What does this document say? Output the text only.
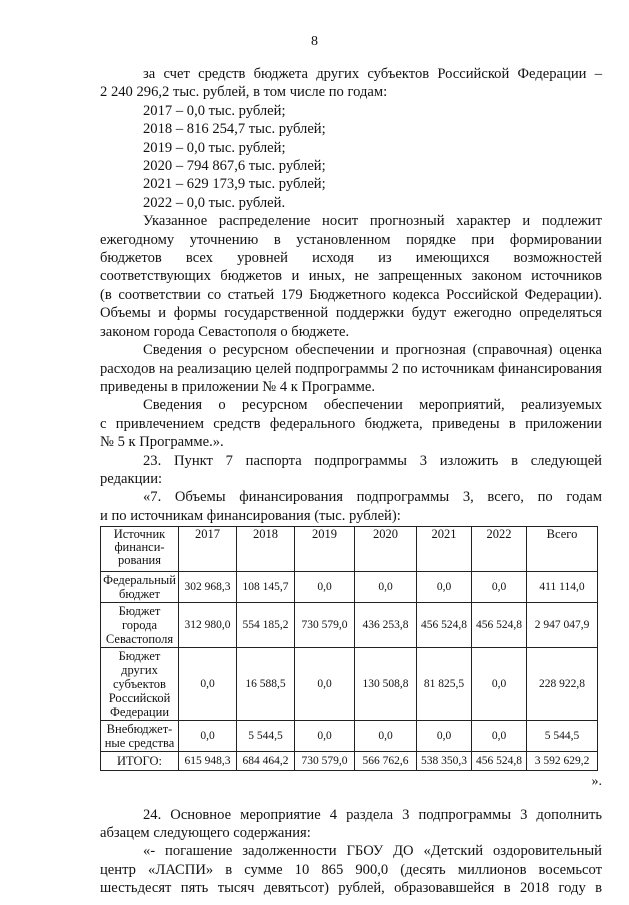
8

за счет средств бюджета других субъектов Российской Федерации –

2 240 296,2 тыс. рублей, в том числе по годам:

2017 – 0,0 тыс. рублей;

2018 – 816 254,7 тыс. рублей;

2019 – 0,0 тыс. рублей;

2020 – 794 867,6 тыс. рублей;

2021 – 629 173,9 тыс. рублей;

2022 – 0,0 тыс. рублей.

Указанное распределение носит прогнозный характер и подлежит

ежегодному уточнению в установленном порядке при формировании

бюджетов всех уровней исходя из имеющихся возможностей

соответствующих бюджетов и иных, не запрещенных законом источников

(в соответствии со статьей 179 Бюджетного кодекса Российской Федерации).

Объемы и формы государственной поддержки будут ежегодно определяться

законом города Севастополя о бюджете.

Сведения о ресурсном обеспечении и прогнозная (справочная) оценка

расходов на реализацию целей подпрограммы 2 по источникам финансирования

приведены в приложении № 4 к Программе.

Сведения о ресурсном обеспечении мероприятий, реализуемых

с привлечением средств федерального бюджета, приведены в приложении

№ 5 к Программе.».

23. Пункт 7 паспорта подпрограммы 3 изложить в следующей

редакции:

«7. Объемы финансирования подпрограммы 3, всего, по годам

и по источникам финансирования (тыс. рублей):

Источник финанси-рования	2017	2018	2019	2020	2021	2022	Всего
Федеральный бюджет	302 968,3	108 145,7	0,0	0,0	0,0	0,0	411 114,0
Бюджет города Севастополя	312 980,0	554 185,2	730 579,0	436 253,8	456 524,8	456 524,8	2 947 047,9
Бюджет других субъектов Российской Федерации	0,0	16 588,5	0,0	130 508,8	81 825,5	0,0	228 922,8
Внебюджет-ные средства	0,0	5 544,5	0,0	0,0	0,0	0,0	5 544,5
ИТОГО:	615 948,3	684 464,2	730 579,0	566 762,6	538 350,3	456 524,8	3 592 629,2
».

24. Основное мероприятие 4 раздела 3 подпрограммы 3 дополнить

абзацем следующего содержания:

«- погашение задолженности ГБОУ ДО «Детский оздоровительный

центр «ЛАСПИ» в сумме 10 865 900,0 (десять миллионов восемьсот

шестьдесят пять тысяч девятьсот) рублей, образовавшейся в 2018 году в
